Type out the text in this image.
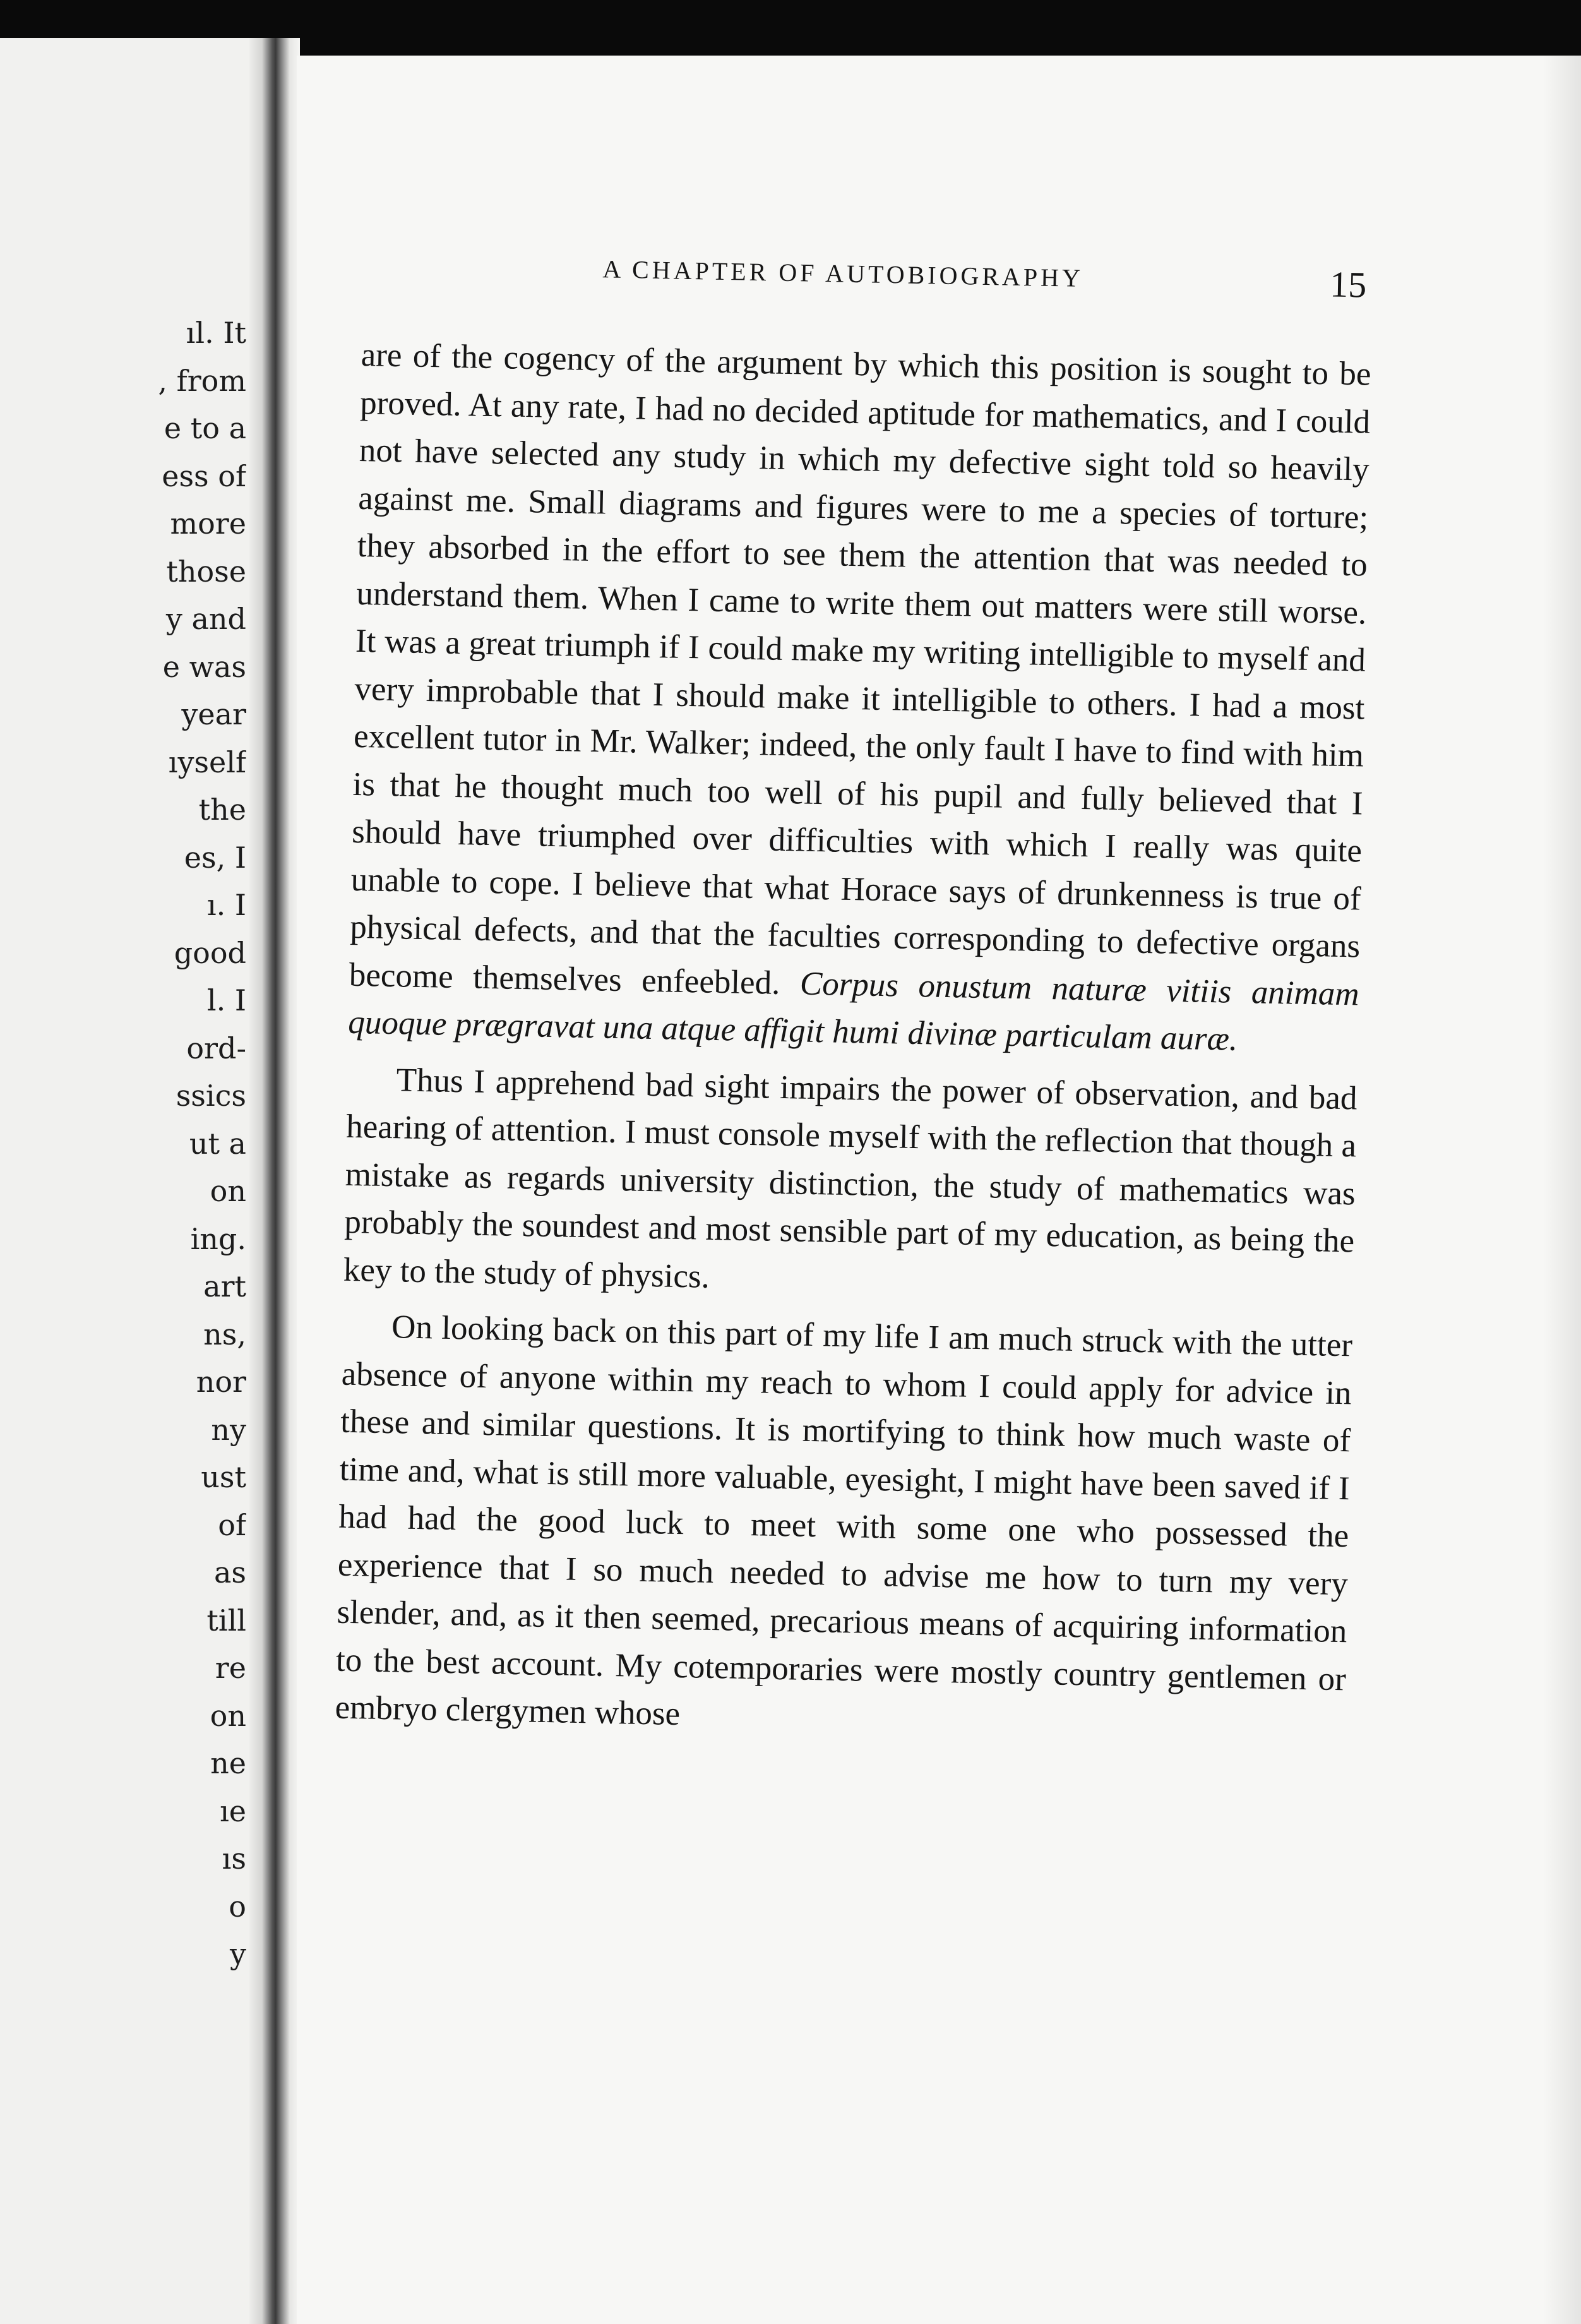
ıl. It
, from
e to a
ess of
more
those
y and
e was
year
ıyself
the
es, I
ı. I
good
l. I
ord-
ssics
ut a
on
ing.
art
ns,
nor
ny
ust
of
as
till
re
on
ne
ıe
ıs
o
y
A CHAPTER OF AUTOBIOGRAPHY	15

are of the cogency of the argument by which this position is sought to be proved. At any rate, I had no decided aptitude for mathematics, and I could not have selected any study in which my defective sight told so heavily against me. Small diagrams and figures were to me a species of torture; they absorbed in the effort to see them the attention that was needed to understand them. When I came to write them out matters were still worse. It was a great triumph if I could make my writing intelligible to myself and very improbable that I should make it intelligible to others. I had a most excellent tutor in Mr. Walker; indeed, the only fault I have to find with him is that he thought much too well of his pupil and fully believed that I should have triumphed over difficulties with which I really was quite unable to cope. I believe that what Horace says of drunkenness is true of physical defects, and that the faculties corresponding to defective organs become themselves enfeebled. Corpus onustum naturæ vitiis animam quoque prægravat una atque affigit humi divinæ particulam auræ.

Thus I apprehend bad sight impairs the power of observation, and bad hearing of attention. I must console myself with the reflection that though a mistake as regards university distinction, the study of mathematics was probably the soundest and most sensible part of my education, as being the key to the study of physics.

On looking back on this part of my life I am much struck with the utter absence of anyone within my reach to whom I could apply for advice in these and similar questions. It is mortifying to think how much waste of time and, what is still more valuable, eyesight, I might have been saved if I had had the good luck to meet with some one who possessed the experience that I so much needed to advise me how to turn my very slender, and, as it then seemed, precarious means of acquiring information to the best account. My cotemporaries were mostly country gentlemen or embryo clergymen whose
